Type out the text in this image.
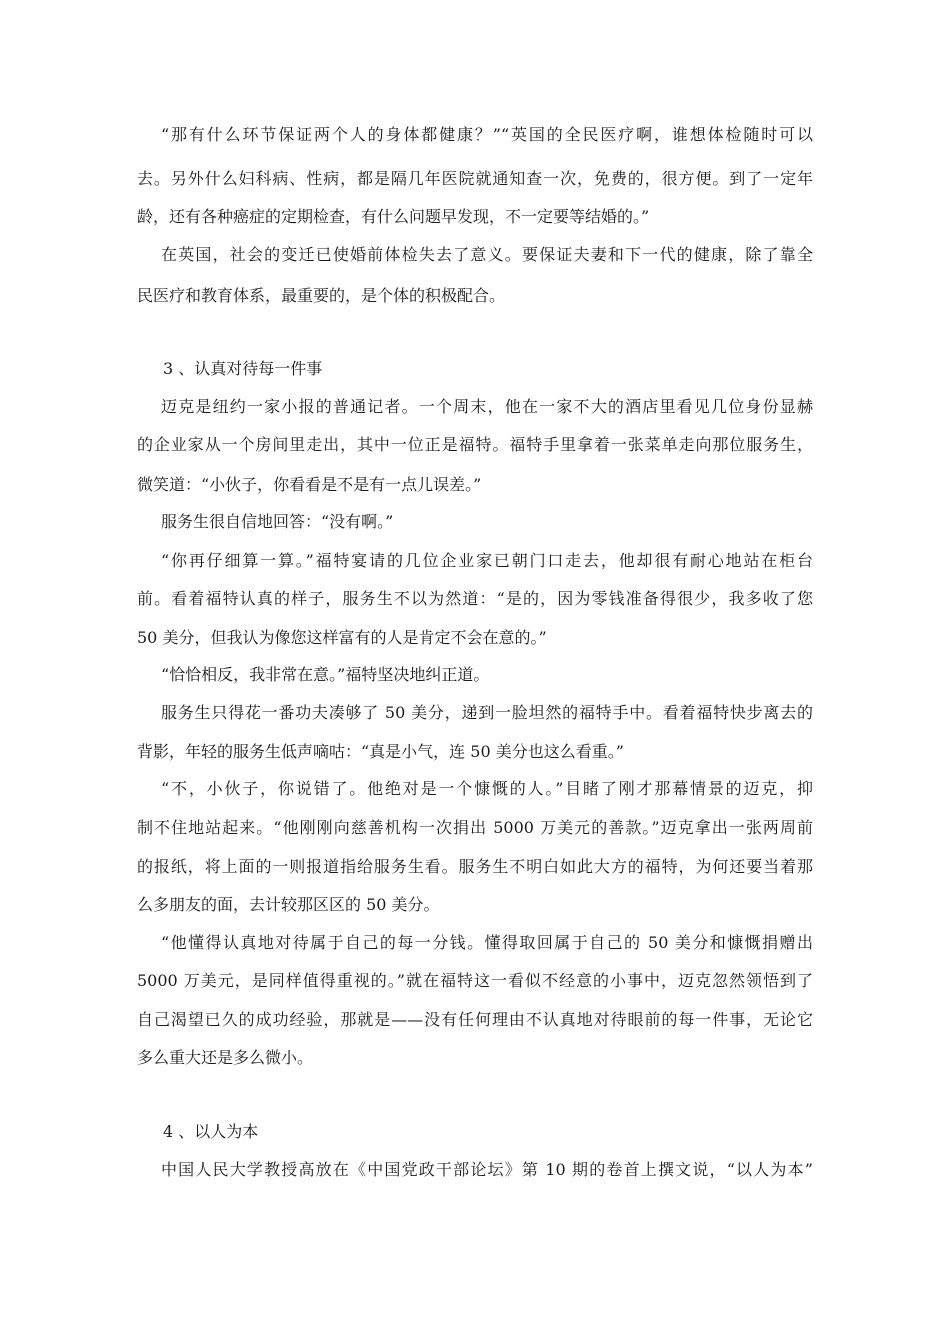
“那有什么环节保证两个人的身体都健康？”“英国的全民医疗啊，谁想体检随时可以
去。另外什么妇科病、性病，都是隔几年医院就通知查一次，免费的，很方便。到了一定年
龄，还有各种癌症的定期检查，有什么问题早发现，不一定要等结婚的。”
在英国，社会的变迁已使婚前体检失去了意义。要保证夫妻和下一代的健康，除了靠全
民医疗和教育体系，最重要的，是个体的积极配合。
3 、认真对待每一件事
迈克是纽约一家小报的普通记者。一个周末，他在一家不大的酒店里看见几位身份显赫
的企业家从一个房间里走出，其中一位正是福特。福特手里拿着一张菜单走向那位服务生，
微笑道：“小伙子，你看看是不是有一点儿误差。”
服务生很自信地回答：“没有啊。”
“你再仔细算一算。”福特宴请的几位企业家已朝门口走去，他却很有耐心地站在柜台
前。看着福特认真的样子，服务生不以为然道：“是的，因为零钱准备得很少，我多收了您
50 美分，但我认为像您这样富有的人是肯定不会在意的。”
“恰恰相反，我非常在意。”福特坚决地纠正道。
服务生只得花一番功夫凑够了 50 美分，递到一脸坦然的福特手中。看着福特快步离去的
背影，年轻的服务生低声嘀咕：“真是小气，连 50 美分也这么看重。”
“不，小伙子，你说错了。他绝对是一个慷慨的人。”目睹了刚才那幕情景的迈克，抑
制不住地站起来。“他刚刚向慈善机构一次捐出 5000 万美元的善款。”迈克拿出一张两周前
的报纸，将上面的一则报道指给服务生看。服务生不明白如此大方的福特，为何还要当着那
么多朋友的面，去计较那区区的 50 美分。
“他懂得认真地对待属于自己的每一分钱。懂得取回属于自己的 50 美分和慷慨捐赠出
5000 万美元，是同样值得重视的。”就在福特这一看似不经意的小事中，迈克忽然领悟到了
自己渴望已久的成功经验，那就是——没有任何理由不认真地对待眼前的每一件事，无论它
多么重大还是多么微小。
4 、以人为本
中国人民大学教授高放在《中国党政干部论坛》第 10 期的卷首上撰文说，“以人为本”
